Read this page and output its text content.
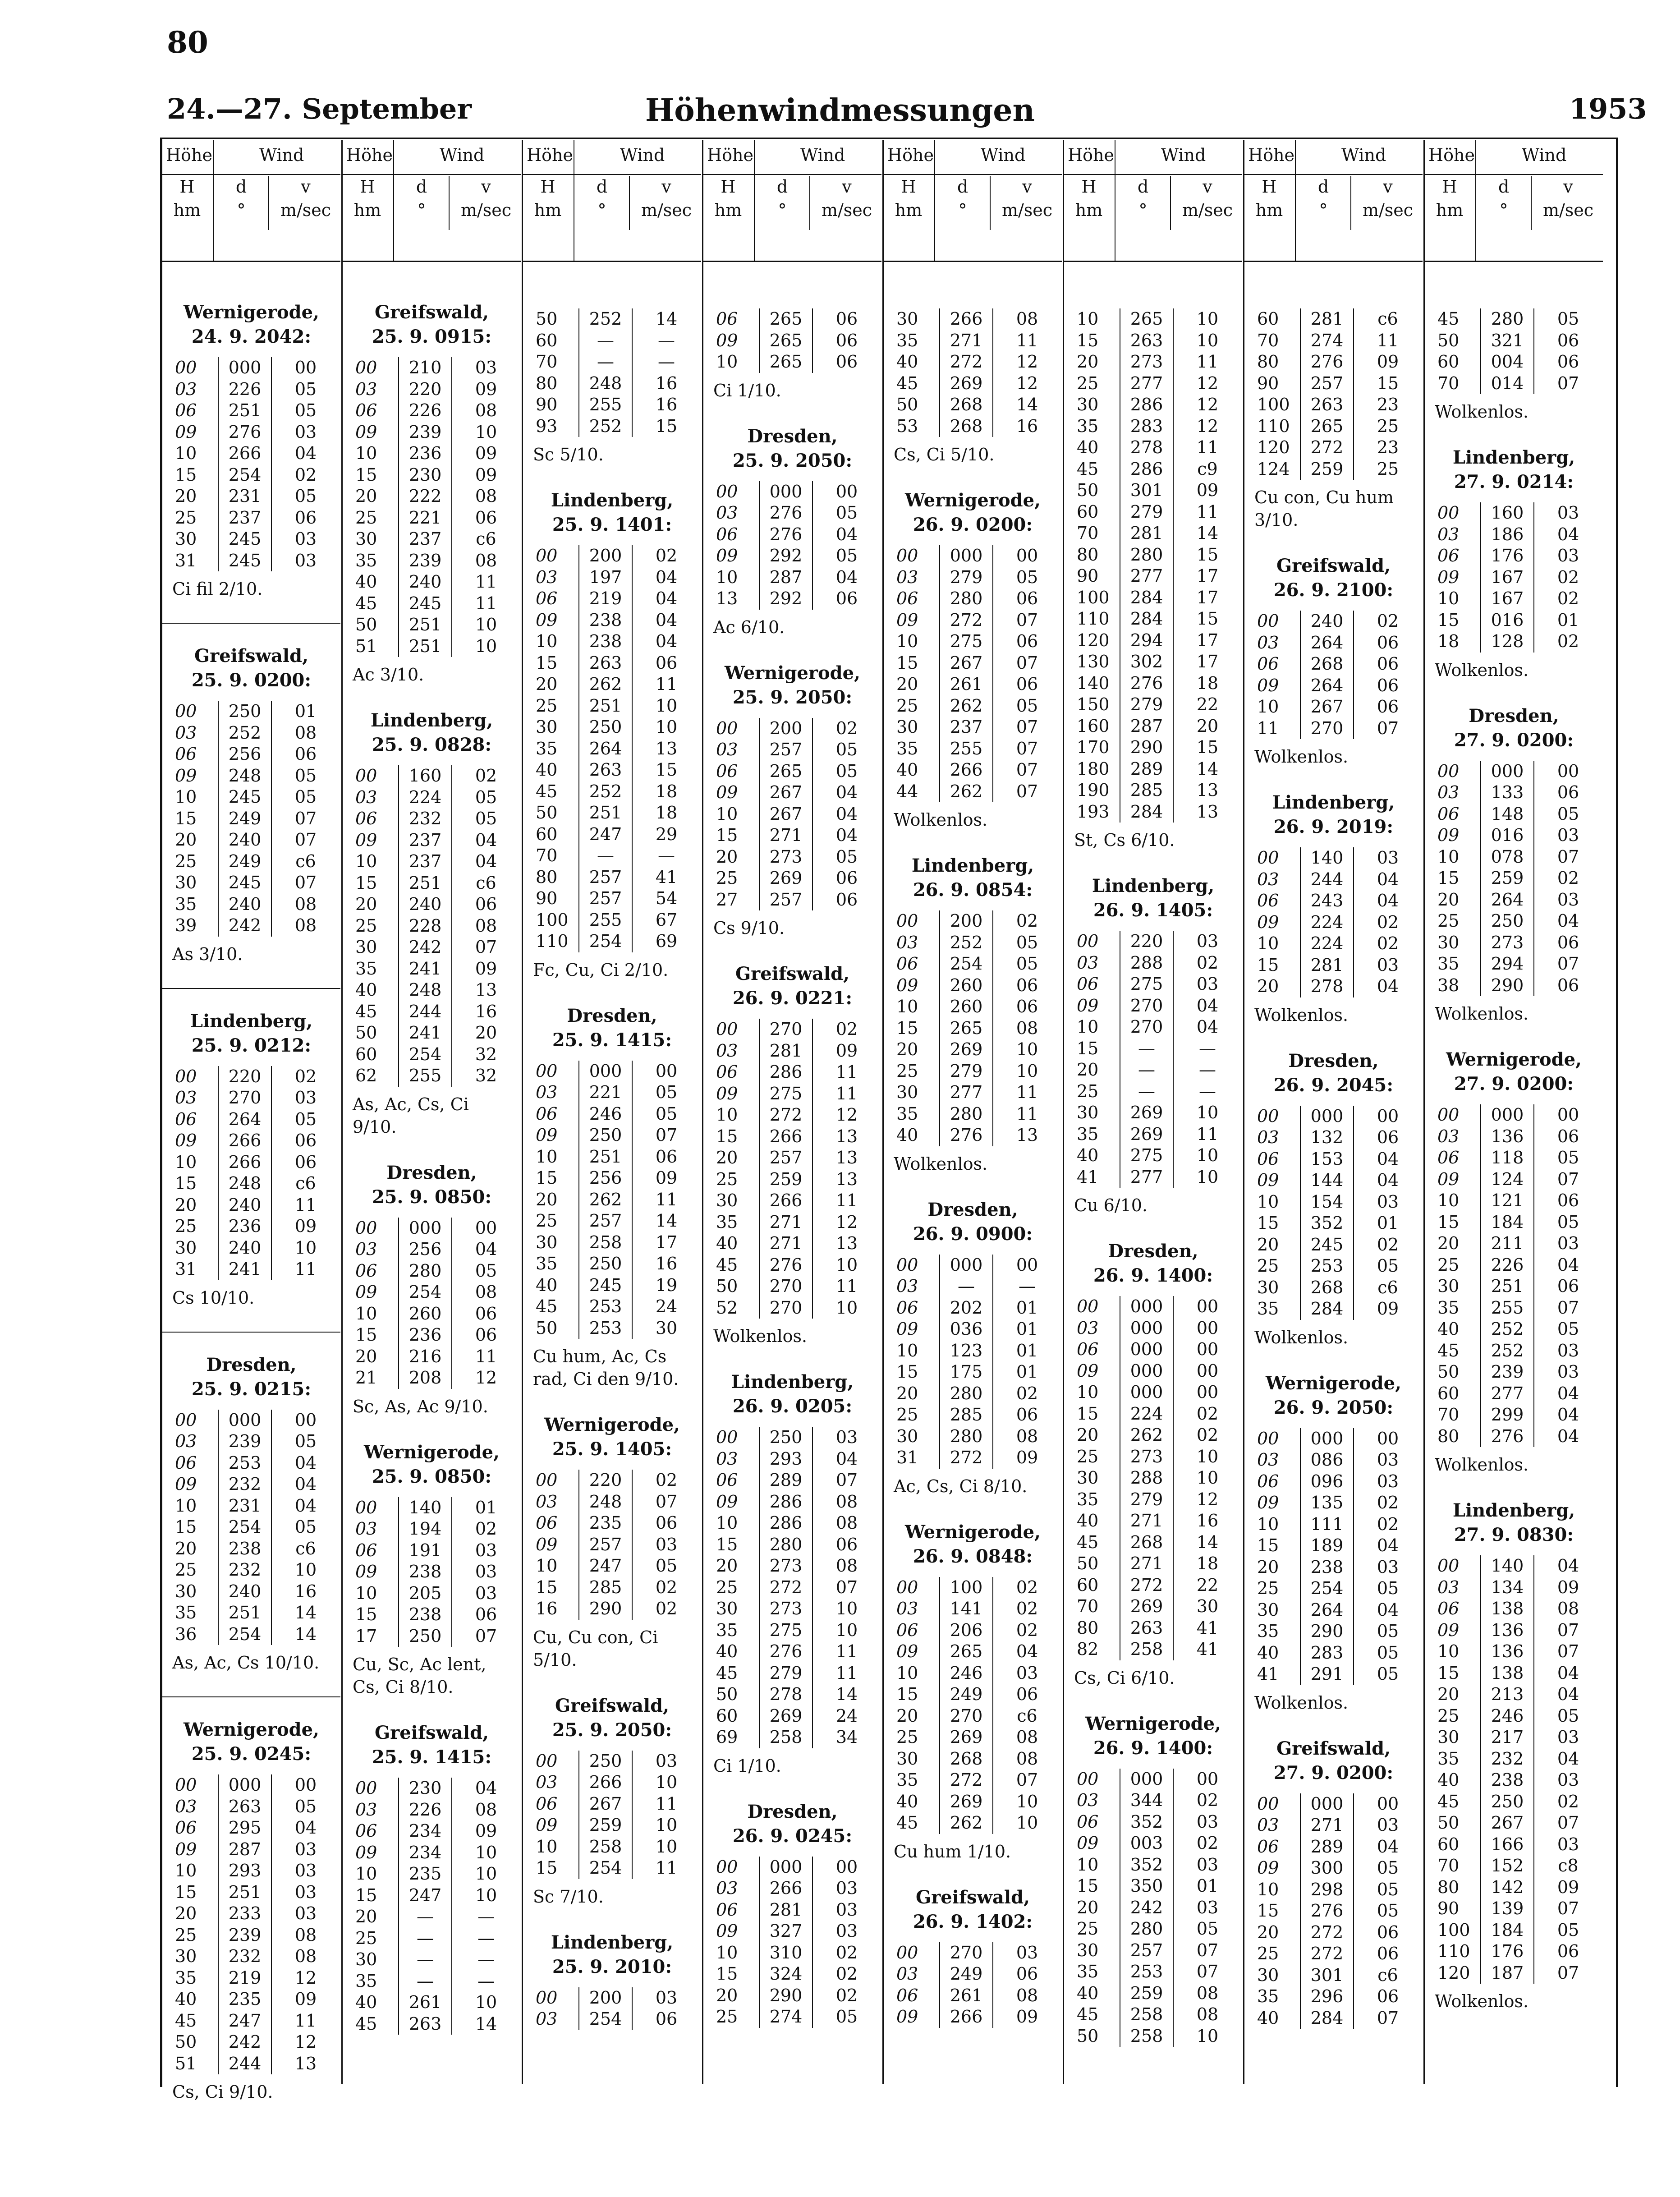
80
24.—27. September	Höhenwindmessungen	1953
Höhe	Wind
H
hm
d
°
v
m/sec
Wernigerode,
24. 9. 2042:
00	000	00
03	226	05
06	251	05
09	276	03
10	266	04
15	254	02
20	231	05
25	237	06
30	245	03
31	245	03
Ci fil 2/10.
Greifswald,
25. 9. 0200:
00	250	01
03	252	08
06	256	06
09	248	05
10	245	05
15	249	07
20	240	07
25	249	c6
30	245	07
35	240	08
39	242	08
As 3/10.
Lindenberg,
25. 9. 0212:
00	220	02
03	270	03
06	264	05
09	266	06
10	266	06
15	248	c6
20	240	11
25	236	09
30	240	10
31	241	11
Cs 10/10.
Dresden,
25. 9. 0215:
00	000	00
03	239	05
06	253	04
09	232	04
10	231	04
15	254	05
20	238	c6
25	232	10
30	240	16
35	251	14
36	254	14
As, Ac, Cs 10/10.
Wernigerode,
25. 9. 0245:
00	000	00
03	263	05
06	295	04
09	287	03
10	293	03
15	251	03
20	233	03
25	239	08
30	232	08
35	219	12
40	235	09
45	247	11
50	242	12
51	244	13
Cs, Ci 9/10.
Höhe	Wind
H
hm
d
°
v
m/sec
Greifswald,
25. 9. 0915:
00	210	03
03	220	09
06	226	08
09	239	10
10	236	09
15	230	09
20	222	08
25	221	06
30	237	c6
35	239	08
40	240	11
45	245	11
50	251	10
51	251	10
Ac 3/10.
Lindenberg,
25. 9. 0828:
00	160	02
03	224	05
06	232	05
09	237	04
10	237	04
15	251	c6
20	240	06
25	228	08
30	242	07
35	241	09
40	248	13
45	244	16
50	241	20
60	254	32
62	255	32
As, Ac, Cs, Ci 9/10.
Dresden,
25. 9. 0850:
00	000	00
03	256	04
06	280	05
09	254	08
10	260	06
15	236	06
20	216	11
21	208	12
Sc, As, Ac 9/10.
Wernigerode,
25. 9. 0850:
00	140	01
03	194	02
06	191	03
09	238	03
10	205	03
15	238	06
17	250	07
Cu, Sc, Ac lent, Cs, Ci 8/10.
Greifswald,
25. 9. 1415:
00	230	04
03	226	08
06	234	09
09	234	10
10	235	10
15	247	10
20	—	—
25	—	—
30	—	—
35	—	—
40	261	10
45	263	14
Höhe	Wind
H
hm
d
°
v
m/sec
50	252	14
60	—	—
70	—	—
80	248	16
90	255	16
93	252	15
Sc 5/10.
Lindenberg,
25. 9. 1401:
00	200	02
03	197	04
06	219	04
09	238	04
10	238	04
15	263	06
20	262	11
25	251	10
30	250	10
35	264	13
40	263	15
45	252	18
50	251	18
60	247	29
70	—	—
80	257	41
90	257	54
100	255	67
110	254	69
Fc, Cu, Ci 2/10.
Dresden,
25. 9. 1415:
00	000	00
03	221	05
06	246	05
09	250	07
10	251	06
15	256	09
20	262	11
25	257	14
30	258	17
35	250	16
40	245	19
45	253	24
50	253	30
Cu hum, Ac, Cs rad, Ci den 9/10.
Wernigerode,
25. 9. 1405:
00	220	02
03	248	07
06	235	06
09	257	03
10	247	05
15	285	02
16	290	02
Cu, Cu con, Ci 5/10.
Greifswald,
25. 9. 2050:
00	250	03
03	266	10
06	267	11
09	259	10
10	258	10
15	254	11
Sc 7/10.
Lindenberg,
25. 9. 2010:
00	200	03
03	254	06
Höhe	Wind
H
hm
d
°
v
m/sec
06	265	06
09	265	06
10	265	06
Ci 1/10.
Dresden,
25. 9. 2050:
00	000	00
03	276	05
06	276	04
09	292	05
10	287	04
13	292	06
Ac 6/10.
Wernigerode,
25. 9. 2050:
00	200	02
03	257	05
06	265	05
09	267	04
10	267	04
15	271	04
20	273	05
25	269	06
27	257	06
Cs 9/10.
Greifswald,
26. 9. 0221:
00	270	02
03	281	09
06	286	11
09	275	11
10	272	12
15	266	13
20	257	13
25	259	13
30	266	11
35	271	12
40	271	13
45	276	10
50	270	11
52	270	10
Wolkenlos.
Lindenberg,
26. 9. 0205:
00	250	03
03	293	04
06	289	07
09	286	08
10	286	08
15	280	06
20	273	08
25	272	07
30	273	10
35	275	10
40	276	11
45	279	11
50	278	14
60	269	24
69	258	34
Ci 1/10.
Dresden,
26. 9. 0245:
00	000	00
03	266	03
06	281	03
09	327	03
10	310	02
15	324	02
20	290	02
25	274	05
Höhe	Wind
H
hm
d
°
v
m/sec
30	266	08
35	271	11
40	272	12
45	269	12
50	268	14
53	268	16
Cs, Ci 5/10.
Wernigerode,
26. 9. 0200:
00	000	00
03	279	05
06	280	06
09	272	07
10	275	06
15	267	07
20	261	06
25	262	05
30	237	07
35	255	07
40	266	07
44	262	07
Wolkenlos.
Lindenberg,
26. 9. 0854:
00	200	02
03	252	05
06	254	05
09	260	06
10	260	06
15	265	08
20	269	10
25	279	10
30	277	11
35	280	11
40	276	13
Wolkenlos.
Dresden,
26. 9. 0900:
00	000	00
03	—	—
06	202	01
09	036	01
10	123	01
15	175	01
20	280	02
25	285	06
30	280	08
31	272	09
Ac, Cs, Ci 8/10.
Wernigerode,
26. 9. 0848:
00	100	02
03	141	02
06	206	02
09	265	04
10	246	03
15	249	06
20	270	c6
25	269	08
30	268	08
35	272	07
40	269	10
45	262	10
Cu hum 1/10.
Greifswald,
26. 9. 1402:
00	270	03
03	249	06
06	261	08
09	266	09
Höhe	Wind
H
hm
d
°
v
m/sec
10	265	10
15	263	10
20	273	11
25	277	12
30	286	12
35	283	12
40	278	11
45	286	c9
50	301	09
60	279	11
70	281	14
80	280	15
90	277	17
100	284	17
110	284	15
120	294	17
130	302	17
140	276	18
150	279	22
160	287	20
170	290	15
180	289	14
190	285	13
193	284	13
St, Cs 6/10.
Lindenberg,
26. 9. 1405:
00	220	03
03	288	02
06	275	03
09	270	04
10	270	04
15	—	—
20	—	—
25	—	—
30	269	10
35	269	11
40	275	10
41	277	10
Cu 6/10.
Dresden,
26. 9. 1400:
00	000	00
03	000	00
06	000	00
09	000	00
10	000	00
15	224	02
20	262	02
25	273	10
30	288	10
35	279	12
40	271	16
45	268	14
50	271	18
60	272	22
70	269	30
80	263	41
82	258	41
Cs, Ci 6/10.
Wernigerode,
26. 9. 1400:
00	000	00
03	344	02
06	352	03
09	003	02
10	352	03
15	350	01
20	242	03
25	280	05
30	257	07
35	253	07
40	259	08
45	258	08
50	258	10
Höhe	Wind
H
hm
d
°
v
m/sec
60	281	c6
70	274	11
80	276	09
90	257	15
100	263	23
110	265	25
120	272	23
124	259	25
Cu con, Cu hum 3/10.
Greifswald,
26. 9. 2100:
00	240	02
03	264	06
06	268	06
09	264	06
10	267	06
11	270	07
Wolkenlos.
Lindenberg,
26. 9. 2019:
00	140	03
03	244	04
06	243	04
09	224	02
10	224	02
15	281	03
20	278	04
Wolkenlos.
Dresden,
26. 9. 2045:
00	000	00
03	132	06
06	153	04
09	144	04
10	154	03
15	352	01
20	245	02
25	253	05
30	268	c6
35	284	09
Wolkenlos.
Wernigerode,
26. 9. 2050:
00	000	00
03	086	03
06	096	03
09	135	02
10	111	02
15	189	04
20	238	03
25	254	05
30	264	04
35	290	05
40	283	05
41	291	05
Wolkenlos.
Greifswald,
27. 9. 0200:
00	000	00
03	271	03
06	289	04
09	300	05
10	298	05
15	276	05
20	272	06
25	272	06
30	301	c6
35	296	06
40	284	07
Höhe	Wind
H
hm
d
°
v
m/sec
45	280	05
50	321	06
60	004	06
70	014	07
Wolkenlos.
Lindenberg,
27. 9. 0214:
00	160	03
03	186	04
06	176	03
09	167	02
10	167	02
15	016	01
18	128	02
Wolkenlos.
Dresden,
27. 9. 0200:
00	000	00
03	133	06
06	148	05
09	016	03
10	078	07
15	259	02
20	264	03
25	250	04
30	273	06
35	294	07
38	290	06
Wolkenlos.
Wernigerode,
27. 9. 0200:
00	000	00
03	136	06
06	118	05
09	124	07
10	121	06
15	184	05
20	211	03
25	226	04
30	251	06
35	255	07
40	252	05
45	252	03
50	239	03
60	277	04
70	299	04
80	276	04
Wolkenlos.
Lindenberg,
27. 9. 0830:
00	140	04
03	134	09
06	138	08
09	136	07
10	136	07
15	138	04
20	213	04
25	246	05
30	217	03
35	232	04
40	238	03
45	250	02
50	267	07
60	166	03
70	152	c8
80	142	09
90	139	07
100	184	05
110	176	06
120	187	07
Wolkenlos.
